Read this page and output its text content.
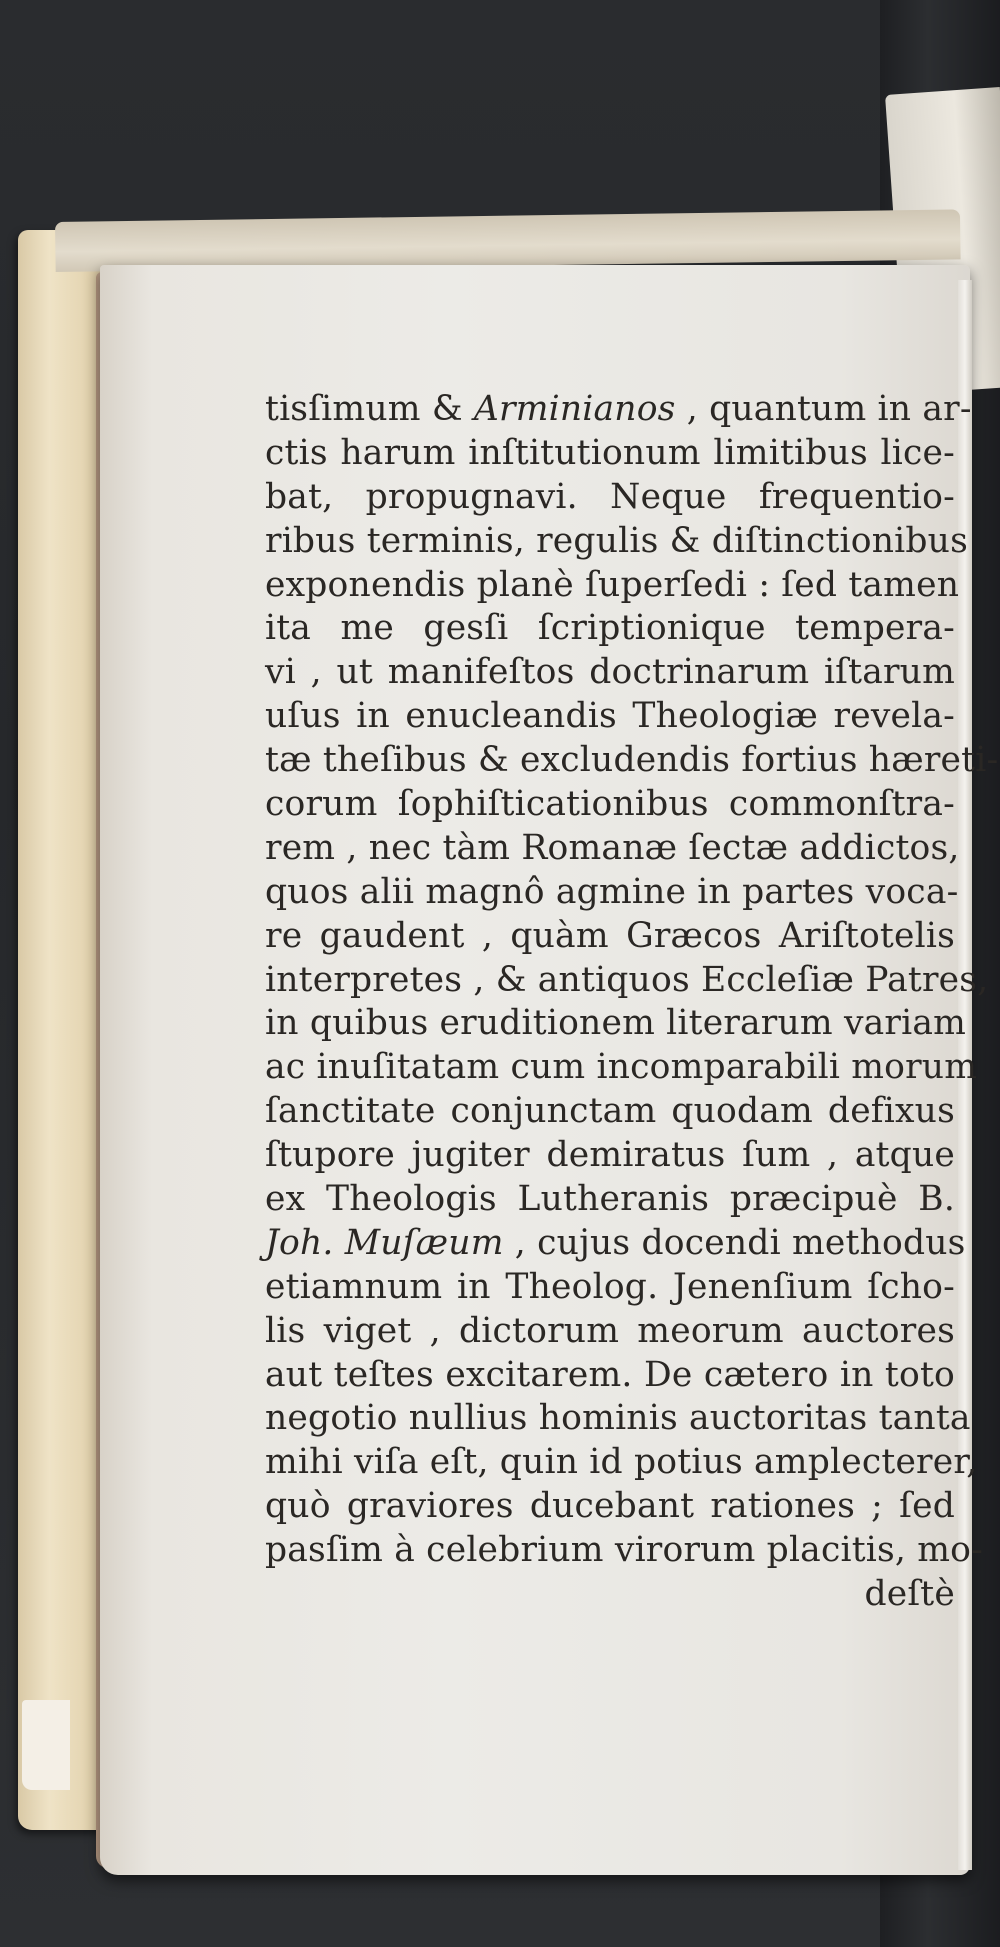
tisſimum & Arminianos , quantum in ar-
ctis harum inſtitutionum limitibus lice-
bat, propugnavi. Neque frequentio-
ribus terminis, regulis & diſtinctionibus
exponendis planè ſuperſedi : ſed tamen
ita me gesſi ſcriptionique tempera-
vi , ut manifeſtos doctrinarum iſtarum
uſus in enucleandis Theologiæ revela-
tæ theſibus & excludendis fortius hæreti-
corum ſophiſticationibus commonſtra-
rem , nec tàm Romanæ ſectæ addictos,
quos alii magnô agmine in partes voca-
re gaudent , quàm Græcos Ariſtotelis
interpretes , & antiquos Eccleſiæ Patres,
in quibus eruditionem literarum variam
ac inuſitatam cum incomparabili morum
ſanctitate conjunctam quodam defixus
ſtupore jugiter demiratus ſum , atque
ex Theologis Lutheranis præcipuè B.
Joh. Muſæum , cujus docendi methodus
etiamnum in Theolog. Jenenſium ſcho-
lis viget , dictorum meorum auctores
aut teſtes excitarem. De cætero in toto
negotio nullius hominis auctoritas tanta
mihi viſa eſt, quin id potius amplecterer,
quò graviores ducebant rationes ; ſed
pasſim à celebrium virorum placitis, mo-
deſtè
